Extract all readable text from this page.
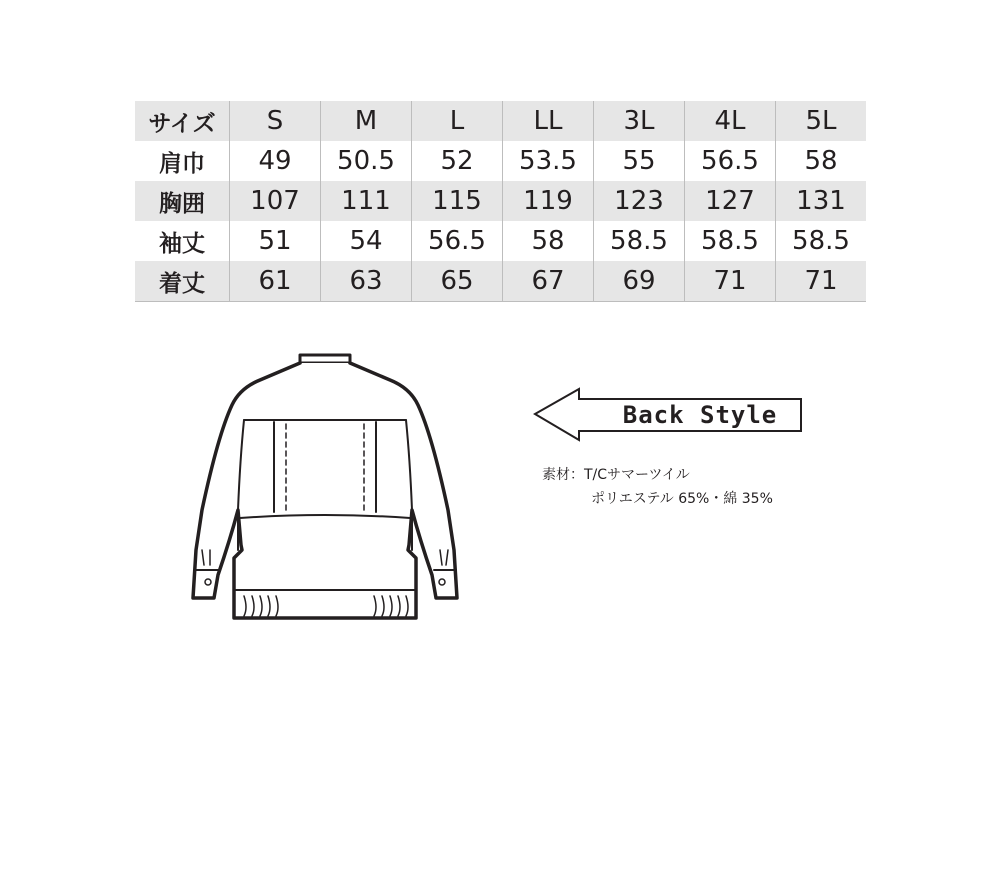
サイズ	S	M	L	LL	3L	4L	5L
肩巾	49	50.5	52	53.5	55	56.5	58
胸囲	107	111	115	119	123	127	131
袖丈	51	54	56.5	58	58.5	58.5	58.5
着丈	61	63	65	67	69	71	71
Back Style
素材：T/Cサマーツイル
ポリエステル 65%・綿 35%
